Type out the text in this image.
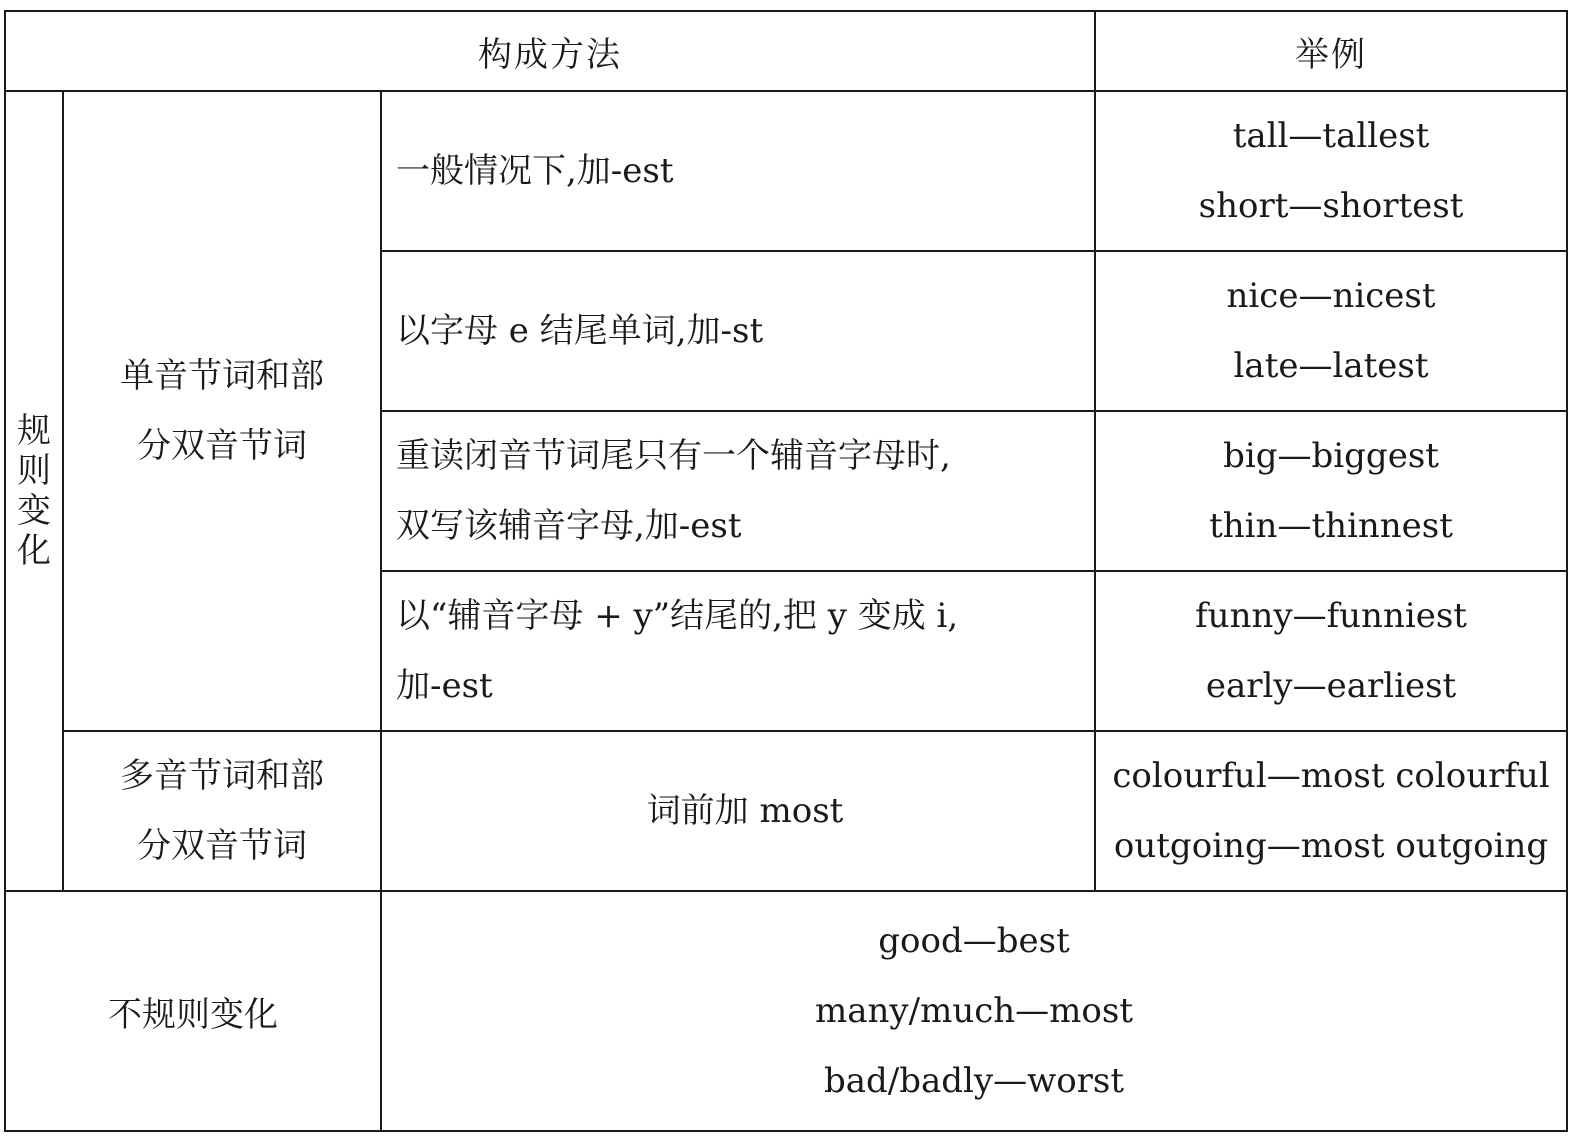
构成方法			举例

规
则
变
化	单音节词和部
分双音节词	一般情况下,加-est	tall—tallest
short—shortest

		以字母 e 结尾单词,加-st	nice—nicest
late—latest

		重读闭音节词尾只有一个辅音字母时,
双写该辅音字母,加-est	big—biggest
thin—thinnest

		以“辅音字母 + y”结尾的,把 y 变成 i,
加-est	funny—funniest
early—earliest

	多音节词和部
分双音节词	词前加 most	colourful—most colourful
outgoing—most outgoing

不规则变化		good—best
many/much—most
bad/badly—worst	
